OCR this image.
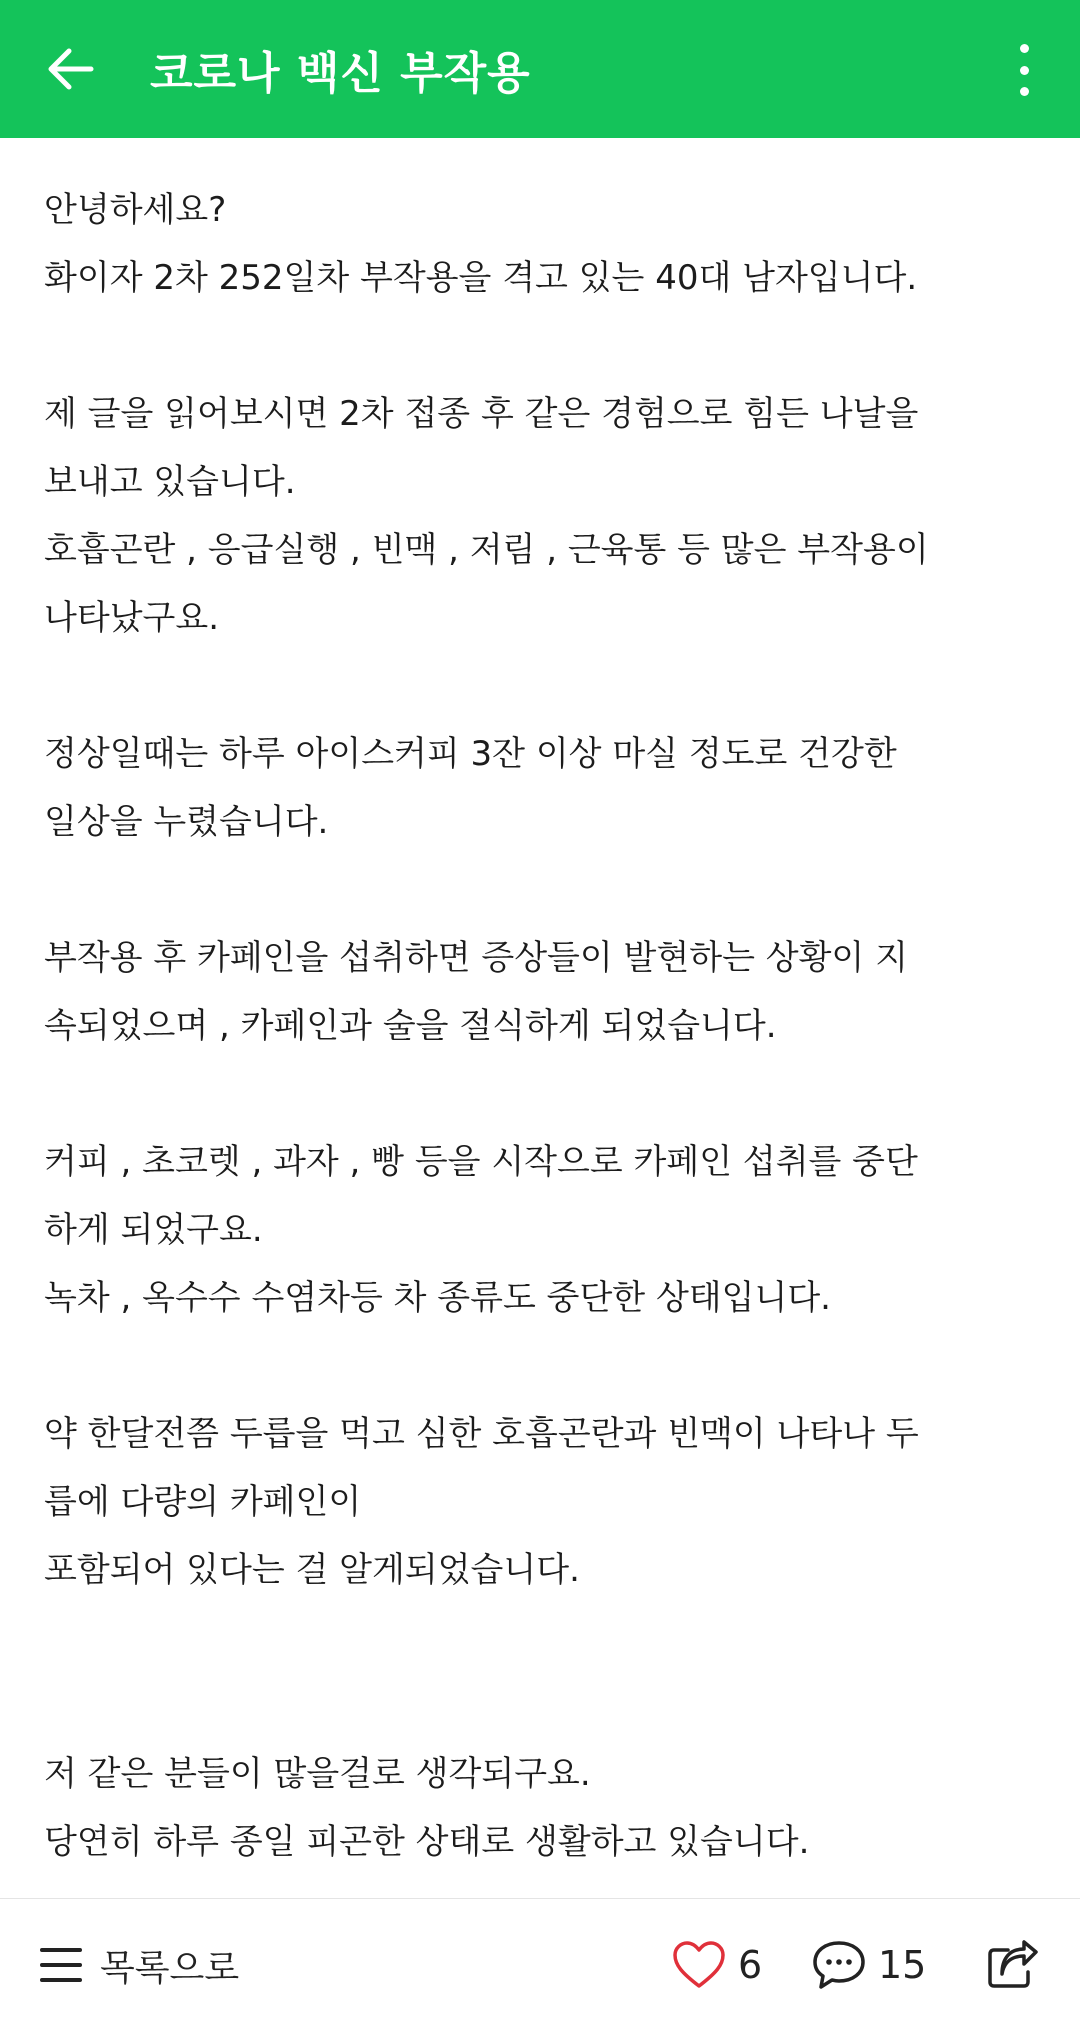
코로나 백신 부작용
안녕하세요?
화이자 2차 252일차 부작용을 격고 있는 40대 남자입니다.
제 글을 읽어보시면 2차 접종 후 같은 경험으로 힘든 나날을
보내고 있습니다.
호흡곤란 , 응급실행 , 빈맥 , 저림 , 근육통 등 많은 부작용이
나타났구요.
정상일때는 하루 아이스커피 3잔 이상 마실 정도로 건강한
일상을 누렸습니다.
부작용 후 카페인을 섭취하면 증상들이 발현하는 상황이 지
속되었으며 , 카페인과 술을 절식하게 되었습니다.
커피 , 초코렛 , 과자 , 빵 등을 시작으로 카페인 섭취를 중단
하게 되었구요.
녹차 , 옥수수 수염차등 차 종류도 중단한 상태입니다.
약 한달전쯤 두릅을 먹고 심한 호흡곤란과 빈맥이 나타나 두
릅에 다량의 카페인이
포함되어 있다는 걸 알게되었습니다.
저 같은 분들이 많을걸로 생각되구요.
당연히 하루 종일 피곤한 상태로 생활하고 있습니다.
목록으로	6	15
